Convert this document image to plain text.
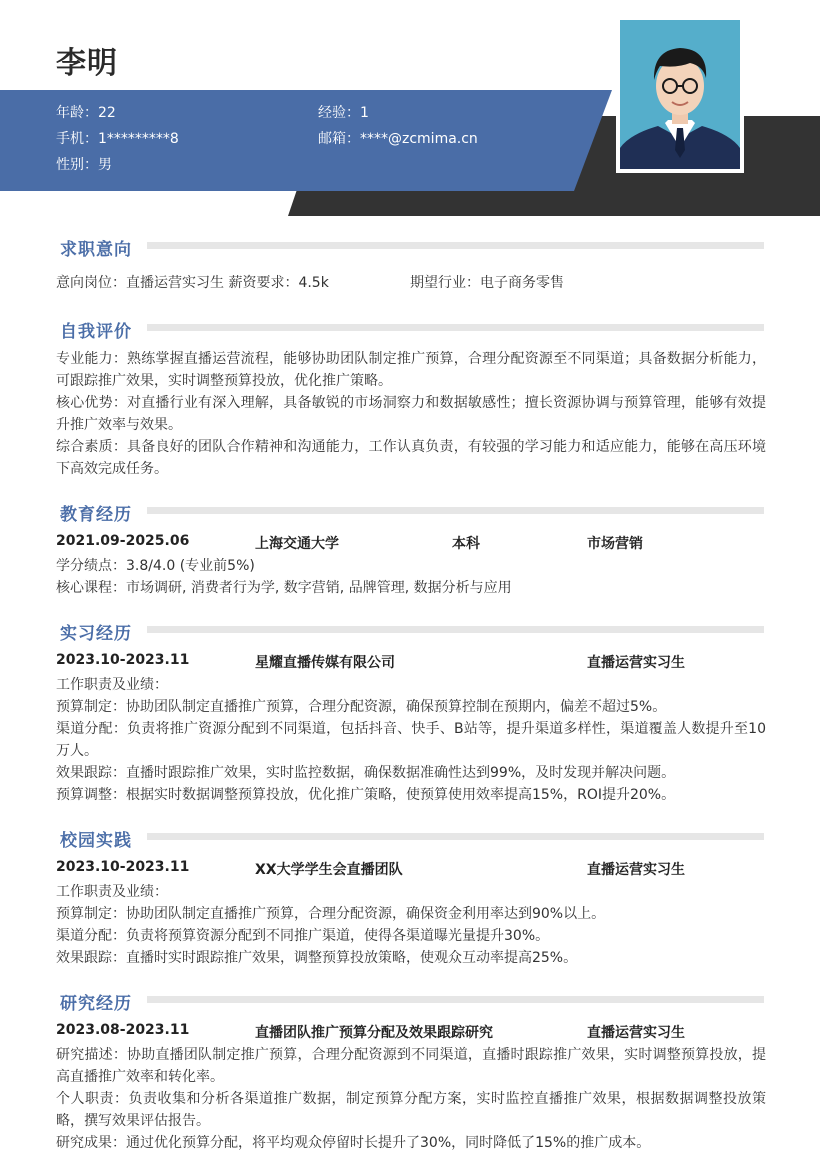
李明
年龄：22	经验：1
手机：1*********8	邮箱：****@zcmima.cn
性别：男
求职意向
意向岗位：直播运营实习生 薪资要求：4.5k	期望行业：电子商务零售
自我评价
专业能力：熟练掌握直播运营流程，能够协助团队制定推广预算，合理分配资源至不同渠道；具备数据分析能力，可跟踪推广效果，实时调整预算投放，优化推广策略。
核心优势：对直播行业有深入理解，具备敏锐的市场洞察力和数据敏感性；擅长资源协调与预算管理，能够有效提升推广效率与效果。
综合素质：具备良好的团队合作精神和沟通能力，工作认真负责，有较强的学习能力和适应能力，能够在高压环境下高效完成任务。
教育经历
2021.09-2025.06	上海交通大学	本科	市场营销
学分绩点：3.8/4.0 (专业前5%)
核心课程：市场调研, 消费者行为学, 数字营销, 品牌管理, 数据分析与应用
实习经历
2023.10-2023.11	星耀直播传媒有限公司	直播运营实习生
工作职责及业绩：
预算制定：协助团队制定直播推广预算，合理分配资源，确保预算控制在预期内，偏差不超过5%。
渠道分配：负责将推广资源分配到不同渠道，包括抖音、快手、B站等，提升渠道多样性，渠道覆盖人数提升至10万人。
效果跟踪：直播时跟踪推广效果，实时监控数据，确保数据准确性达到99%，及时发现并解决问题。
预算调整：根据实时数据调整预算投放，优化推广策略，使预算使用效率提高15%，ROI提升20%。
校园实践
2023.10-2023.11	XX大学学生会直播团队	直播运营实习生
工作职责及业绩：
预算制定：协助团队制定直播推广预算，合理分配资源，确保资金利用率达到90%以上。
渠道分配：负责将预算资源分配到不同推广渠道，使得各渠道曝光量提升30%。
效果跟踪：直播时实时跟踪推广效果，调整预算投放策略，使观众互动率提高25%。
研究经历
2023.08-2023.11	直播团队推广预算分配及效果跟踪研究	直播运营实习生
研究描述：协助直播团队制定推广预算，合理分配资源到不同渠道，直播时跟踪推广效果，实时调整预算投放，提高直播推广效率和转化率。
个人职责：负责收集和分析各渠道推广数据，制定预算分配方案，实时监控直播推广效果，根据数据调整投放策略，撰写效果评估报告。
研究成果：通过优化预算分配，将平均观众停留时长提升了30%，同时降低了15%的推广成本。
